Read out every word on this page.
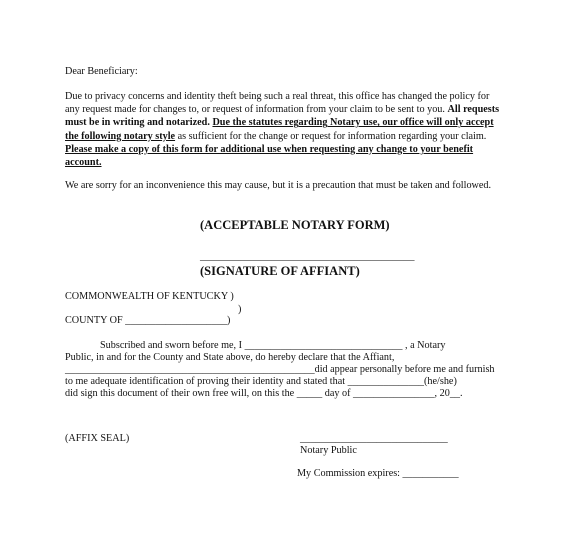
Dear Beneficiary:

Due to privacy concerns and identity theft being such a real threat, this office has changed the policy for any request made for changes to, or request of information from your claim to be sent to you. All requests must be in writing and notarized. Due the statutes regarding Notary use, our office will only accept the following notary style as sufficient for the change or request for information regarding your claim. Please make a copy of this form for additional use when requesting any change to your benefit account.

We are sorry for an inconvenience this may cause, but it is a precaution that must be taken and followed.

(ACCEPTABLE NOTARY FORM)

_______________________________________

(SIGNATURE OF AFFIANT)

COMMONWEALTH OF KENTUCKY )

)

COUNTY OF ____________________)

Subscribed and sworn before me, I _______________________________ , a Notary

Public, in and for the County and State above, do hereby declare that the Affiant,

_________________________________________________did appear personally before me and furnish

to me adequate identification of proving their identity and stated that _______________(he/she)

did sign this document of their own free will, on this the _____ day of ________________, 20__.

(AFFIX SEAL)	_____________________________

Notary Public

My Commission expires: ___________
